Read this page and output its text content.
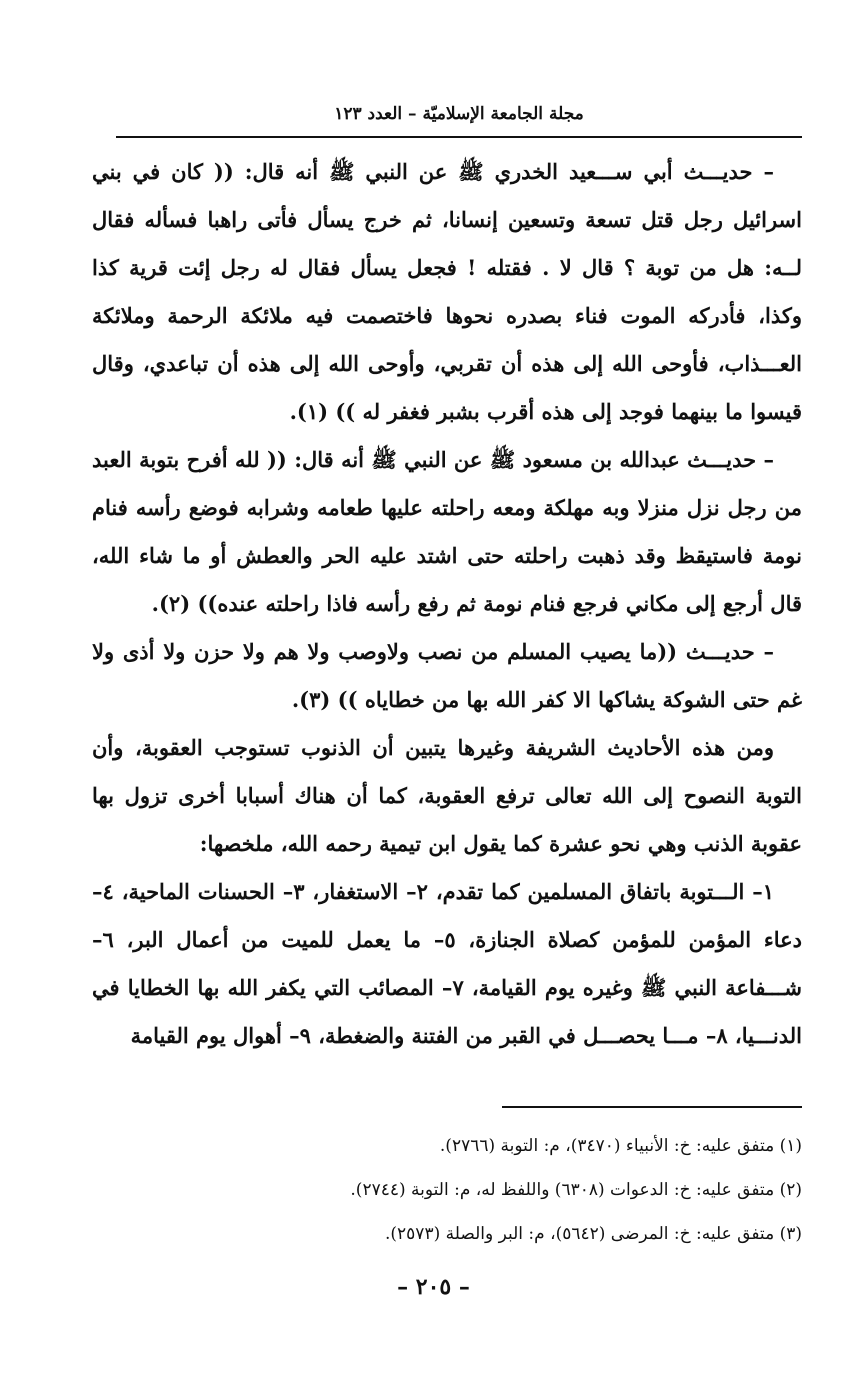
مجلة الجامعة الإسلاميّة – العدد ١٢٣

– حديـــث أبي ســـعيد الخدري ﷺ عن النبي ﷺ أنه قال: (( كان في بني اسرائيل رجل قتل تسعة وتسعين إنسانا، ثم خرج يسأل فأتى راهبا فسأله فقال لــه: هل من توبة ؟ قال لا . فقتله ! فجعل يسأل فقال له رجل إئت قرية كذا وكذا، فأدركه الموت فناء بصدره نحوها فاختصمت فيه ملائكة الرحمة وملائكة العـــذاب، فأوحى الله إلى هذه أن تقربي، وأوحى الله إلى هذه أن تباعدي، وقال قيسوا ما بينهما فوجد إلى هذه أقرب بشبر فغفر له )) (١).

– حديـــث عبدالله بن مسعود ﷺ عن النبي ﷺ أنه قال: (( لله أفرح بتوبة العبد من رجل نزل منزلا وبه مهلكة ومعه راحلته عليها طعامه وشرابه فوضع رأسه فنام نومة فاستيقظ وقد ذهبت راحلته حتى اشتد عليه الحر والعطش أو ما شاء الله، قال أرجع إلى مكاني فرجع فنام نومة ثم رفع رأسه فاذا راحلته عنده)) (٢).

– حديـــث ((ما يصيب المسلم من نصب ولاوصب ولا هم ولا حزن ولا أذى ولا غم حتى الشوكة يشاكها الا كفر الله بها من خطاياه )) (٣).

ومن هذه الأحاديث الشريفة وغيرها يتبين أن الذنوب تستوجب العقوبة، وأن التوبة النصوح إلى الله تعالى ترفع العقوبة، كما أن هناك أسبابا أخرى تزول بها عقوبة الذنب وهي نحو عشرة كما يقول ابن تيمية رحمه الله، ملخصها:

١– الـــتوبة باتفاق المسلمين كما تقدم، ٢– الاستغفار، ٣– الحسنات الماحية، ٤– دعاء المؤمن للمؤمن كصلاة الجنازة، ٥– ما يعمل للميت من أعمال البر، ٦– شـــفاعة النبي ﷺ وغيره يوم القيامة، ٧– المصائب التي يكفر الله بها الخطايا في الدنـــيا، ٨– مـــا يحصـــل في القبر من الفتنة والضغطة، ٩– أهوال يوم القيامة

(١) متفق عليه: خ: الأنبياء (٣٤٧٠)، م: التوبة (٢٧٦٦).

(٢) متفق عليه: خ: الدعوات (٦٣٠٨) واللفظ له، م: التوبة (٢٧٤٤).

(٣) متفق عليه: خ: المرضى (٥٦٤٢)، م: البر والصلة (٢٥٧٣).

– ٢٠٥ –
